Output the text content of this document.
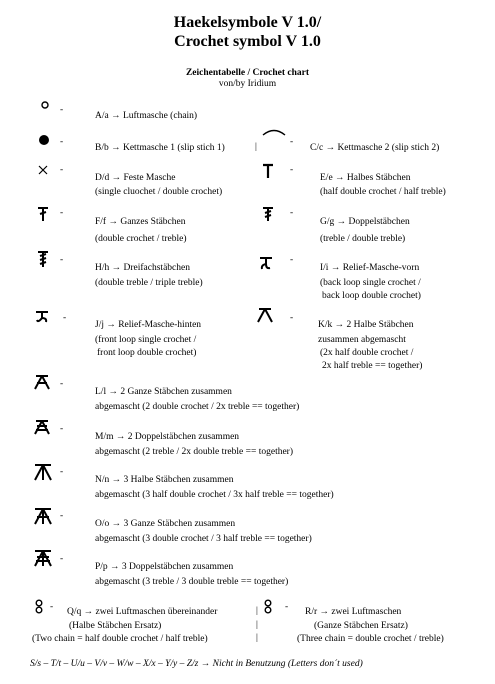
Haekelsymbole V 1.0/
Crochet symbol V 1.0
Zeichentabelle / Crochet chart
von/by Iridium
-
A/a → Luftmasche (chain)
-
B/b → Kettmasche 1 (slip stich 1)	|	-
C/c → Kettmasche 2 (slip stich 2)
-
D/d → Feste Masche
(single cluochet / double crochet)
-
E/e → Halbes Stäbchen
(half double crochet / half treble)
-
F/f → Ganzes Stäbchen
(double crochet / treble)
-
G/g → Doppelstäbchen
(treble / double treble)
-
H/h → Dreifachstäbchen
(double treble / triple treble)
-
I/i → Relief-Masche-vorn
(back loop single crochet /
back loop double crochet)
-
J/j → Relief-Masche-hinten
(front loop single crochet /
front loop double crochet)
-
K/k → 2 Halbe Stäbchen
zusammen abgemascht
(2x half double crochet /
2x half treble == together)
-
L/l → 2 Ganze Stäbchen zusammen
abgemascht (2 double crochet / 2x treble == together)
-
M/m → 2 Doppelstäbchen zusammen
abgemascht (2 treble / 2x double treble == together)
-
N/n → 3 Halbe Stäbchen zusammen
abgemascht (3 half double crochet / 3x half treble == together)
-
O/o → 3 Ganze Stäbchen zusammen
abgemascht (3 double crochet / 3 half treble == together)
-
P/p → 3 Doppelstäbchen zusammen
abgemascht (3 treble / 3 double treble == together)
- Q/q → zwei Luftmaschen übereinander
(Halbe Stäbchen Ersatz)
(Two chain = half double crochet / half treble)
|
|
|
- R/r → zwei Luftmaschen
(Ganze Stäbchen Ersatz)
(Three chain = double crochet / treble)
S/s – T/t – U/u – V/v – W/w – X/x – Y/y – Z/z → Nicht in Benutzung (Letters don´t used)
